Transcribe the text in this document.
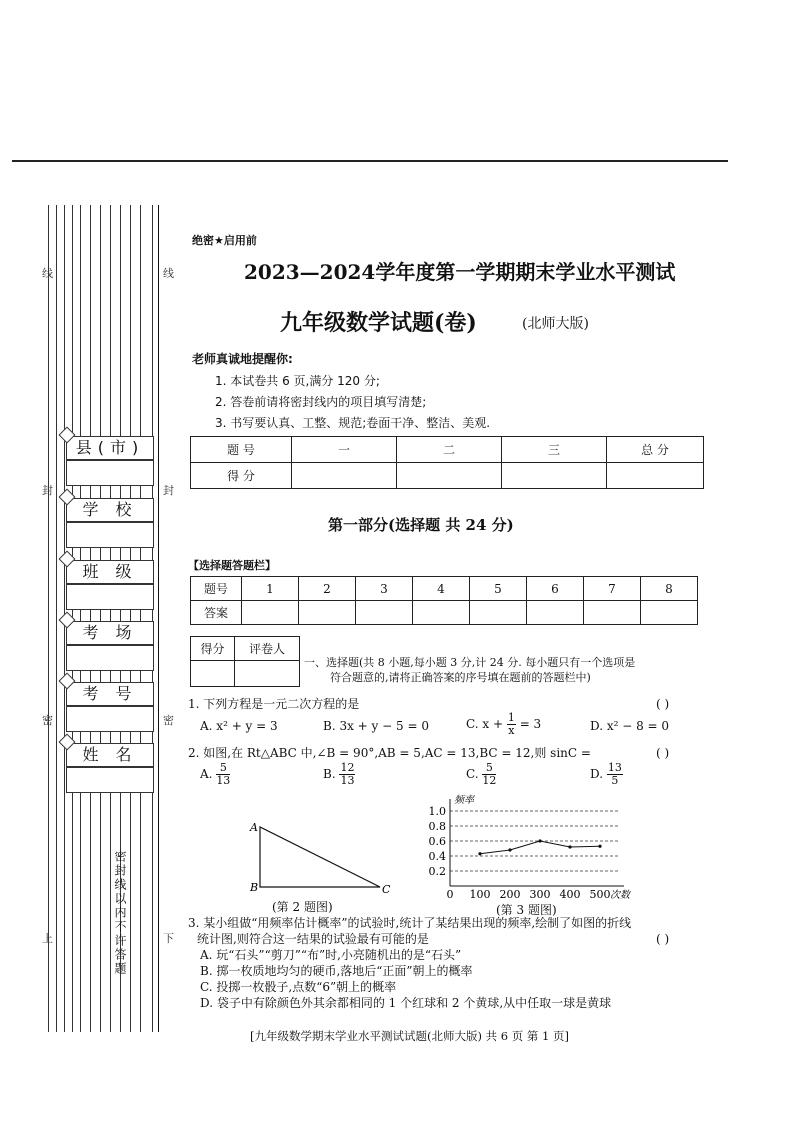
线	线
封	封
密	密
上	下
县(市)
学 校
班 级
考 场
考 号
姓 名
密封线以内不许答题
绝密★启用前
2023—2024学年度第一学期期末学业水平测试
九年级数学试题(卷)	(北师大版)
老师真诚地提醒你:
1. 本试卷共 6 页,满分 120 分;
2. 答卷前请将密封线内的项目填写清楚;
3. 书写要认真、工整、规范;卷面干净、整洁、美观.
题 号	一	二	三	总 分
得 分				
第一部分(选择题 共 24 分)
【选择题答题栏】
题号	1	2	3	4	5	6	7	8
答案								
得分	评卷人

一、选择题(共 8 小题,每小题 3 分,计 24 分. 每小题只有一个选项是
符合题意的,请将正确答案的序号填在题前的答题栏中)
1. 下列方程是一元二次方程的是	( )
A. x² + y = 3	B. 3x + y − 5 = 0	C. $x + \frac{1}{x} = 3$	D. x² − 8 = 0
2. 如图,在 Rt△ABC 中,∠B = 90°,AB = 5,AC = 13,BC = 12,则 sinC =	( )
A. $\frac{5}{13}$	B. $\frac{12}{13}$	C. $\frac{5}{12}$	D. $\frac{13}{5}$
A
B	C
(第 2 题图)
0.2
0.4
0.6
0.8
1.0
频率
0 100 200 300 400 500 次数
(第 3 题图)
3. 某小组做“用频率估计概率”的试验时,统计了某结果出现的频率,绘制了如图的折线
统计图,则符合这一结果的试验最有可能的是	( )
A. 玩“石头”“剪刀”“布”时,小亮随机出的是“石头”
B. 掷一枚质地均匀的硬币,落地后“正面”朝上的概率
C. 投掷一枚骰子,点数“6”朝上的概率
D. 袋子中有除颜色外其余都相同的 1 个红球和 2 个黄球,从中任取一球是黄球
[九年级数学期末学业水平测试试题(北师大版) 共 6 页 第 1 页]
